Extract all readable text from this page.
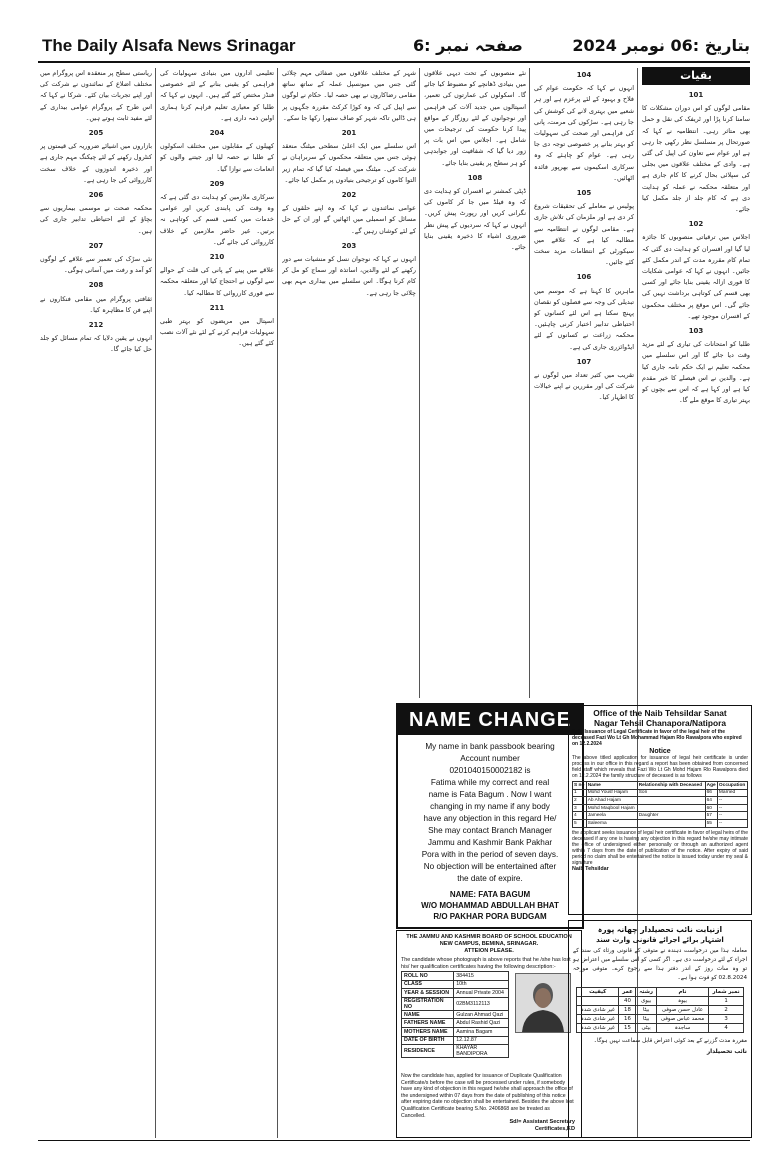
The Daily Alsafa News Srinagar	صفحہ نمبر :6	بتاریخ :06 نومبر 2024
بقیات
101

مقامی لوگوں کو اس دوران مشکلات کا سامنا کرنا پڑا اور ٹریفک کی نقل و حمل بھی متاثر رہی۔ انتظامیہ نے کہا کہ صورتحال پر مسلسل نظر رکھی جا رہی ہے اور عوام سے تعاون کی اپیل کی گئی ہے۔ وادی کے مختلف علاقوں میں بجلی کی سپلائی بحال کرنے کا کام جاری ہے اور متعلقہ محکمہ نے عملہ کو ہدایت دی ہے کہ کام جلد از جلد مکمل کیا جائے۔

102

اجلاس میں ترقیاتی منصوبوں کا جائزہ لیا گیا اور افسران کو ہدایت دی گئی کہ تمام کام مقررہ مدت کے اندر مکمل کئے جائیں۔ انہوں نے کہا کہ عوامی شکایات کا فوری ازالہ یقینی بنایا جائے اور کسی بھی قسم کی کوتاہی برداشت نہیں کی جائے گی۔ اس موقع پر مختلف محکموں کے افسران موجود تھے۔

103

طلبا کو امتحانات کی تیاری کے لئے مزید وقت دیا جائے گا اور اس سلسلے میں محکمہ تعلیم نے ایک حکم نامہ جاری کیا ہے۔ والدین نے اس فیصلے کا خیر مقدم کیا ہے اور کہا ہے کہ اس سے بچوں کو بہتر تیاری کا موقع ملے گا۔

104

انہوں نے کہا کہ حکومت عوام کی فلاح و بہبود کے لئے پرعزم ہے اور ہر شعبے میں بہتری لانے کی کوشش کی جا رہی ہے۔ سڑکوں کی مرمت، پانی کی فراہمی اور صحت کی سہولیات کو بہتر بنانے پر خصوصی توجہ دی جا رہی ہے۔ عوام کو چاہئے کہ وہ سرکاری اسکیموں سے بھرپور فائدہ اٹھائیں۔

105

پولیس نے معاملے کی تحقیقات شروع کر دی ہے اور ملزمان کی تلاش جاری ہے۔ مقامی لوگوں نے انتظامیہ سے مطالبہ کیا ہے کہ علاقے میں سیکورٹی کے انتظامات مزید سخت کئے جائیں۔

106

ماہرین کا کہنا ہے کہ موسم میں تبدیلی کی وجہ سے فصلوں کو نقصان پہنچ سکتا ہے اس لئے کسانوں کو احتیاطی تدابیر اختیار کرنی چاہئیں۔ محکمہ زراعت نے کسانوں کے لئے ایڈوائزری جاری کی ہے۔

107

تقریب میں کثیر تعداد میں لوگوں نے شرکت کی اور مقررین نے اپنے خیالات کا اظہار کیا۔

نئے منصوبوں کے تحت دیہی علاقوں میں بنیادی ڈھانچے کو مضبوط کیا جائے گا۔ اسکولوں کی عمارتوں کی تعمیر، اسپتالوں میں جدید آلات کی فراہمی اور نوجوانوں کے لئے روزگار کے مواقع پیدا کرنا حکومت کی ترجیحات میں شامل ہے۔ اجلاس میں اس بات پر زور دیا گیا کہ شفافیت اور جوابدہی کو ہر سطح پر یقینی بنایا جائے۔

108

ڈپٹی کمشنر نے افسران کو ہدایت دی کہ وہ فیلڈ میں جا کر کاموں کی نگرانی کریں اور رپورٹ پیش کریں۔ انہوں نے کہا کہ سردیوں کے پیش نظر ضروری اشیاء کا ذخیرہ یقینی بنایا جائے۔

شہر کے مختلف علاقوں میں صفائی مہم چلائی گئی جس میں میونسپل عملہ کے ساتھ ساتھ مقامی رضاکاروں نے بھی حصہ لیا۔ حکام نے لوگوں سے اپیل کی کہ وہ کوڑا کرکٹ مقررہ جگہوں پر ہی ڈالیں تاکہ شہر کو صاف ستھرا رکھا جا سکے۔

201

اس سلسلے میں ایک اعلیٰ سطحی میٹنگ منعقد ہوئی جس میں متعلقہ محکموں کے سربراہان نے شرکت کی۔ میٹنگ میں فیصلہ کیا گیا کہ تمام زیر التوا کاموں کو ترجیحی بنیادوں پر مکمل کیا جائے۔

202

عوامی نمائندوں نے کہا کہ وہ اپنے حلقوں کے مسائل کو اسمبلی میں اٹھائیں گے اور ان کے حل کے لئے کوشاں رہیں گے۔

203

انہوں نے کہا کہ نوجوان نسل کو منشیات سے دور رکھنے کے لئے والدین، اساتذہ اور سماج کو مل کر کام کرنا ہوگا۔ اس سلسلے میں بیداری مہم بھی چلائی جا رہی ہے۔

تعلیمی اداروں میں بنیادی سہولیات کی فراہمی کو یقینی بنانے کے لئے خصوصی فنڈز مختص کئے گئے ہیں۔ انہوں نے کہا کہ طلبا کو معیاری تعلیم فراہم کرنا ہماری اولین ذمہ داری ہے۔

204

کھیلوں کے مقابلوں میں مختلف اسکولوں کے طلبا نے حصہ لیا اور جیتنے والوں کو انعامات سے نوازا گیا۔

209

سرکاری ملازمین کو ہدایت دی گئی ہے کہ وہ وقت کی پابندی کریں اور عوامی خدمات میں کسی قسم کی کوتاہی نہ برتیں۔ غیر حاضر ملازمین کے خلاف کارروائی کی جائے گی۔

210

علاقے میں پینے کے پانی کی قلت کے حوالے سے لوگوں نے احتجاج کیا اور متعلقہ محکمہ سے فوری کارروائی کا مطالبہ کیا۔

211

اسپتال میں مریضوں کو بہتر طبی سہولیات فراہم کرنے کے لئے نئے آلات نصب کئے گئے ہیں۔

ریاستی سطح پر منعقدہ اس پروگرام میں مختلف اضلاع کے نمائندوں نے شرکت کی اور اپنے تجربات بیان کئے۔ شرکا نے کہا کہ اس طرح کے پروگرام عوامی بیداری کے لئے مفید ثابت ہوتے ہیں۔

205

بازاروں میں اشیائے ضروریہ کی قیمتوں پر کنٹرول رکھنے کے لئے چیکنگ مہم جاری ہے اور ذخیرہ اندوزوں کے خلاف سخت کارروائی کی جا رہی ہے۔

206

محکمہ صحت نے موسمی بیماریوں سے بچاؤ کے لئے احتیاطی تدابیر جاری کی ہیں۔

207

نئی سڑک کی تعمیر سے علاقے کے لوگوں کو آمد و رفت میں آسانی ہوگی۔

208

ثقافتی پروگرام میں مقامی فنکاروں نے اپنے فن کا مظاہرہ کیا۔

212

انہوں نے یقین دلایا کہ تمام مسائل کو جلد حل کیا جائے گا۔

NAME CHANGE
My name in bank passbook bearing
Account number
0201040150002182 is
Fatima while my correct and real
name is Fata Bagum . Now I want
changing in my name if any body
have any objection in this regard He/
She may contact Branch Manager
Jammu and Kashmir Bank Pakhar
Pora with in the period of seven days.
No objection will be entertained after
the date of expire.
NAME: FATA BAGUM
W/O MOHAMMAD ABDULLAH BHAT
R/O PAKHAR PORA BUDGAM
THE JAMMU AND KASHMIR BOARD OF SCHOOL EDUCATION
NEW CAMPUS, BEMINA, SRINAGAR.
ATTEION PLEASE.
The candidate whose photograph is above reports that he /she has lost his/ her qualification certificates having the following description:-
ROLL NO	384415
CLASS	10th
YEAR & SESSION	Annual Private 2004
REGISTRATION NO	02BM3112113
NAME	Gulzan Ahmad Qazi
FATHERS NAME	Abdul Rashid Qazi
MOTHERS NAME	Aamina Bagam
DATE OF BIRTH	12.12.87
RESIDENCE	KHAYAR BANDIPORA
Now the candidate has, applied for issuance of Duplicate Qualification Certificate/s before the case will be processed under rules, if somebody have any kind of objection in this regard he/she shall approach the office of the undersigned within 07 days from the date of publishing of this notice after expiring date no objection shall be entertained. Besides the above lost Qualification Certificate bearing S.No. 2406868 are be treated as Cancelled.
Sd/= Assistant Secretary
Certificates,KD
Office of the Naib Tehsildar Sanat
Nagar Tehsil Chanapora/Natipora
Sub: Issuance of Legal Certificate in favor of the legal heir of the deceased Fazi Wo Lt Gh Mohammad Hajam Rlo Rawalpora who expired on 12.2.2024
Notice
The above titled application for issuance of legal heir certificate is under process in our office in this regard a report has been obtained from concerned field staff which reveals that Fazi Wo Lt Gh Mohd Hajam Rlo Rawalpora died on 12.2.2024 the family structure of deceased is as follows
S no	Name	Relationship with Deceased	Age	Occupation
1	Mohd Yousf Hajam	Son	66	Married
2	Ab Ahad Hajam		64	--
3	Mohd Maqbool Hajam		60	--
4	Jameela	Daughter	57	--
5	Saleema		55	--
the applicant seeks issuance of legal heir certificate in favor of legal heirs of the deceased if any one is having any objection in this regard he/she may intimate the office of undersigned either personally or through an authorized agent within 7 days from the date of publication of the notice. After expiry of said period no claim shall be entertained the notice is issued today under my seal & signature
Naib Tehsildar
ازنیابت نائب تحصیلدار چھانہ پورہ
اشتہار برائے اجرائے قانونی وارث سند
معاملہ ہذا میں درخواست دہندہ نے متوفی کے قانونی ورثاء کی سند کے اجراء کے لئے درخواست دی ہے۔ اگر کسی کو اس سلسلے میں اعتراض ہو تو وہ سات روز کے اندر دفتر ہذا سے رجوع کرے۔ متوفی مورخہ 02.8.2024 کو فوت ہوا ہے۔
نمبر شمار	نام	رشتہ	عمر	کیفیت
1	بیوہ	بیوی	40	
2	عادل حسن صوفی	بیٹا	18	غیر شادی شدہ
3	محمد عباس صوفی	بیٹا	16	غیر شادی شدہ
4	ساجدہ	بیٹی	15	غیر شادی شدہ
مقررہ مدت گزرنے کے بعد کوئی اعتراض قابل سماعت نہیں ہوگا۔
نائب تحصیلدار
